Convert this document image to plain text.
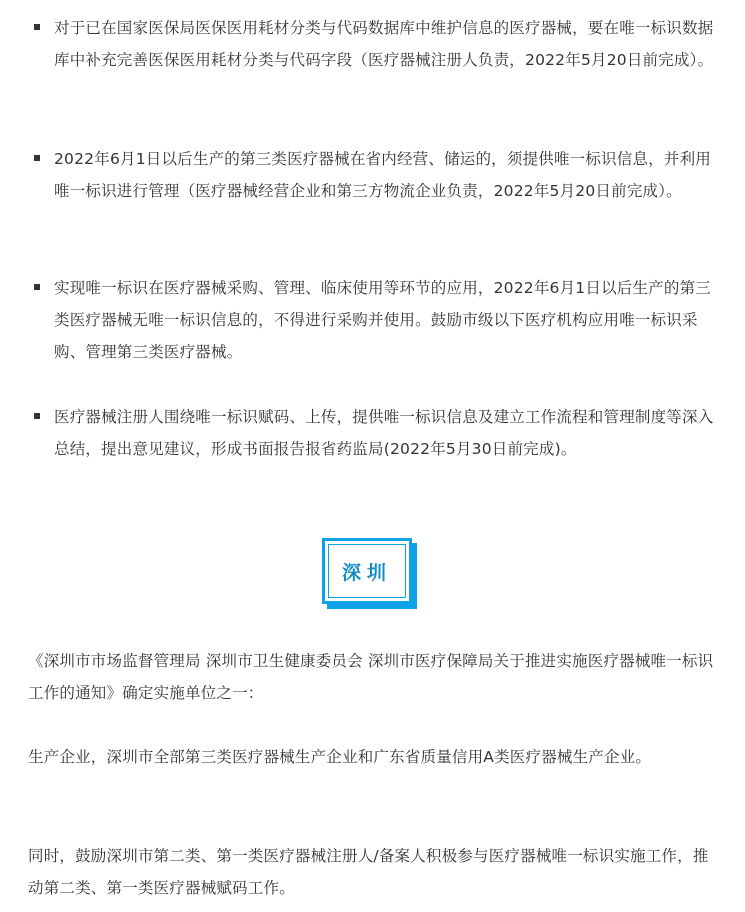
对于已在国家医保局医保医用耗材分类与代码数据库中维护信息的医疗器械，要在唯一标识数据库中补充完善医保医用耗材分类与代码字段（医疗器械注册人负责，2022年5月20日前完成）。
2022年6月1日以后生产的第三类医疗器械在省内经营、储运的，须提供唯一标识信息，并利用唯一标识进行管理（医疗器械经营企业和第三方物流企业负责，2022年5月20日前完成）。
实现唯一标识在医疗器械采购、管理、临床使用等环节的应用，2022年6月1日以后生产的第三类医疗器械无唯一标识信息的，不得进行采购并使用。鼓励市级以下医疗机构应用唯一标识采购、管理第三类医疗器械。
医疗器械注册人围绕唯一标识赋码、上传，提供唯一标识信息及建立工作流程和管理制度等深入总结，提出意见建议，形成书面报告报省药监局(2022年5月30日前完成)。
深圳
《深圳市市场监督管理局 深圳市卫生健康委员会 深圳市医疗保障局关于推进实施医疗器械唯一标识工作的通知》确定实施单位之一：
生产企业，深圳市全部第三类医疗器械生产企业和广东省质量信用A类医疗器械生产企业。
同时，鼓励深圳市第二类、第一类医疗器械注册人/备案人积极参与医疗器械唯一标识实施工作，推动第二类、第一类医疗器械赋码工作。
